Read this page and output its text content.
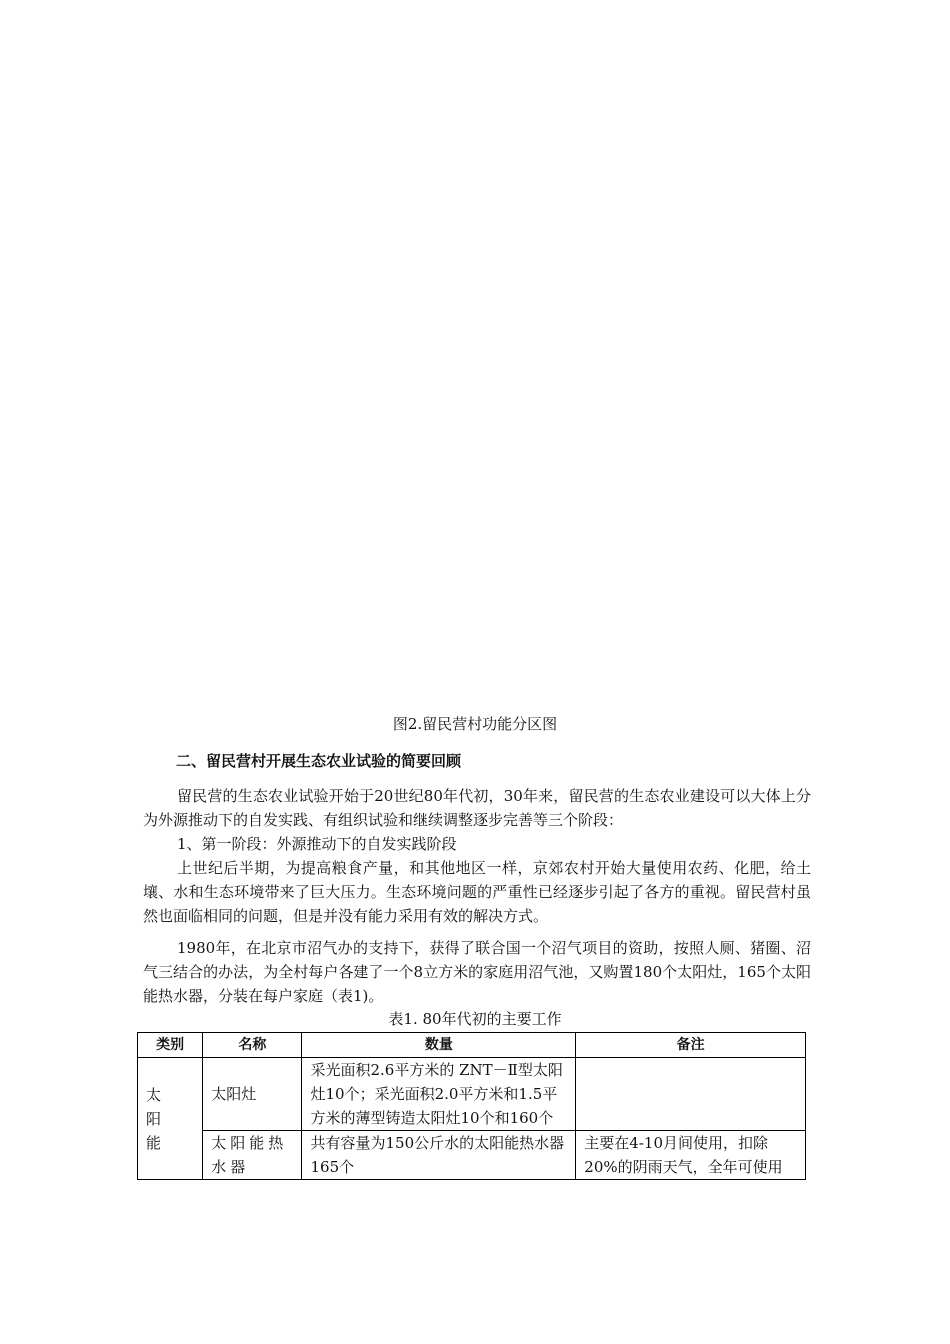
图2.留民营村功能分区图
二、留民营村开展生态农业试验的简要回顾
留民营的生态农业试验开始于20世纪80年代初，30年来，留民营的生态农业建设可以大体上分为外源推动下的自发实践、有组织试验和继续调整逐步完善等三个阶段：
1、第一阶段：外源推动下的自发实践阶段
上世纪后半期，为提高粮食产量，和其他地区一样，京郊农村开始大量使用农药、化肥，给土壤、水和生态环境带来了巨大压力。生态环境问题的严重性已经逐步引起了各方的重视。留民营村虽然也面临相同的问题，但是并没有能力采用有效的解决方式。
1980年，在北京市沼气办的支持下，获得了联合国一个沼气项目的资助，按照人厕、猪圈、沼气三结合的办法，为全村每户各建了一个8立方米的家庭用沼气池，又购置180个太阳灶，165个太阳能热水器，分装在每户家庭（表1)。
表1. 80年代初的主要工作
类别	名称	数量	备注
太阳能	太阳灶	采光面积2.6平方米的 ZNT－Ⅱ型太阳灶10个；采光面积2.0平方米和1.5平方米的薄型铸造太阳灶10个和160个	
	太阳能热水器	共有容量为150公斤水的太阳能热水器165个	主要在4-10月间使用，扣除20%的阴雨天气，全年可使用
